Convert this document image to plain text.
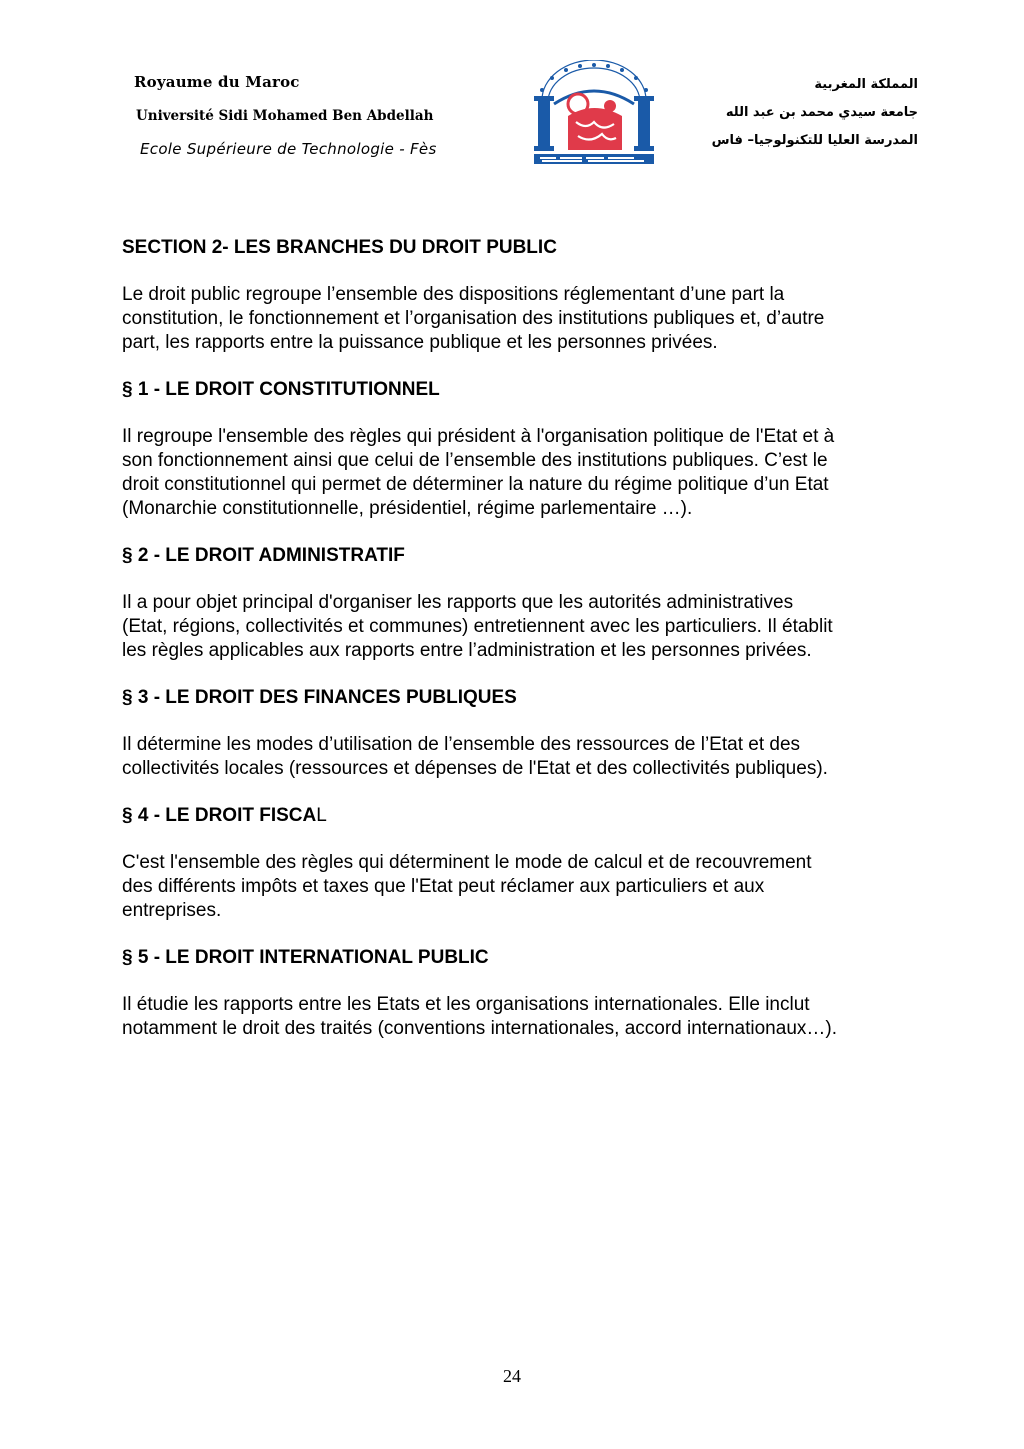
Royaume du Maroc
Université Sidi Mohamed Ben Abdellah
Ecole Supérieure de Technologie - Fès
المملكة المغربية
جامعة سيدي محمد بن عبد الله
المدرسة العليا للتكنولوجيا– فاس
SECTION 2- LES BRANCHES DU DROIT PUBLIC

Le droit public regroupe l’ensemble des dispositions réglementant d’une part la
constitution, le fonctionnement et l’organisation des institutions publiques et, d’autre
part, les rapports entre la puissance publique et les personnes privées.

§ 1 - LE DROIT CONSTITUTIONNEL

Il regroupe l'ensemble des règles qui président à l'organisation politique de l'Etat et à
son fonctionnement ainsi que celui de l’ensemble des institutions publiques. C’est le
droit constitutionnel qui permet de déterminer la nature du régime politique d’un Etat
(Monarchie constitutionnelle, présidentiel, régime parlementaire …).

§ 2 - LE DROIT ADMINISTRATIF

Il a pour objet principal d'organiser les rapports que les autorités administratives
(Etat, régions, collectivités et communes) entretiennent avec les particuliers. Il établit
les règles applicables aux rapports entre l’administration et les personnes privées.

§ 3 - LE DROIT DES FINANCES PUBLIQUES

Il détermine les modes d’utilisation de l’ensemble des ressources de l’Etat et des
collectivités locales (ressources et dépenses de l'Etat et des collectivités publiques).

§ 4 - LE DROIT FISCAL

C'est l'ensemble des règles qui déterminent le mode de calcul et de recouvrement
des différents impôts et taxes que l'Etat peut réclamer aux particuliers et aux
entreprises.

§ 5 - LE DROIT INTERNATIONAL PUBLIC

Il étudie les rapports entre les Etats et les organisations internationales. Elle inclut
notamment le droit des traités (conventions internationales, accord internationaux…).

24
